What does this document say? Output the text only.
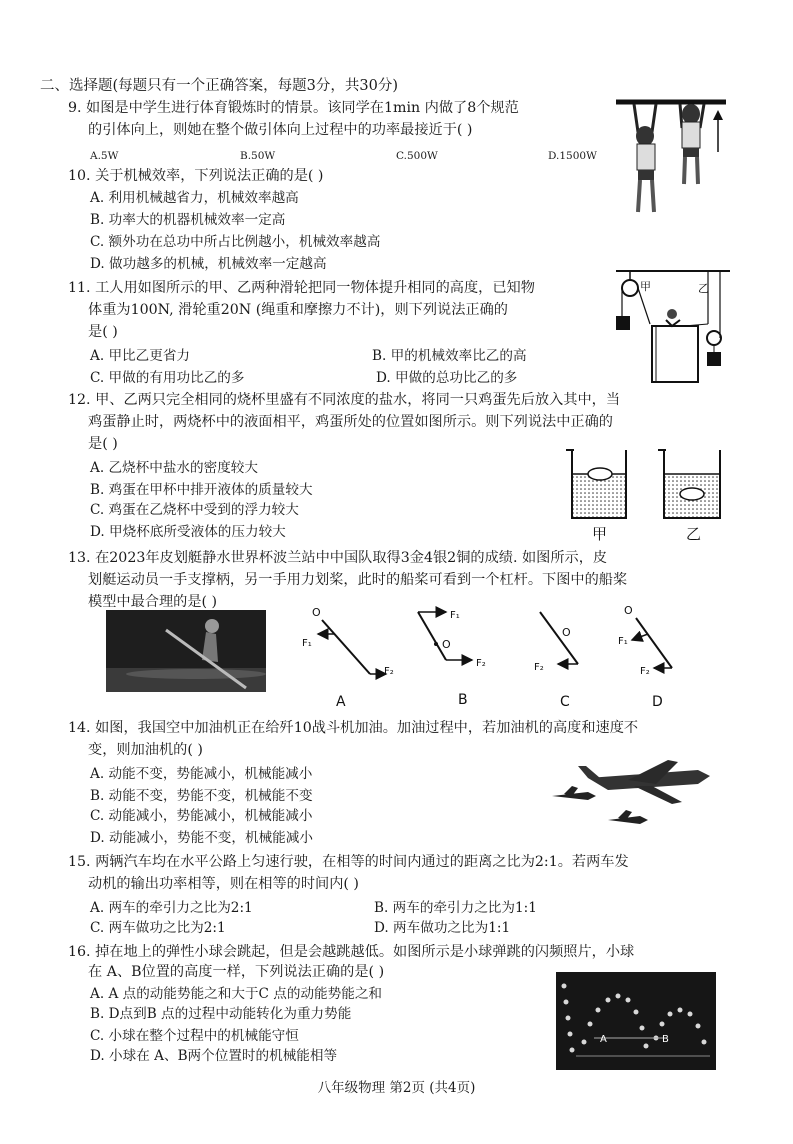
二、选择题(每题只有一个正确答案，每题3分，共30分)
9. 如图是中学生进行体育锻炼时的情景。该同学在1min 内做了8个规范
的引体向上，则她在整个做引体向上过程中的功率最接近于( )
A.5W	B.50W	C.500W	D.1500W
10. 关于机械效率，下列说法正确的是( )
A. 利用机械越省力，机械效率越高
B. 功率大的机器机械效率一定高
C. 额外功在总功中所占比例越小，机械效率越高
D. 做功越多的机械，机械效率一定越高
11. 工人用如图所示的甲、乙两种滑轮把同一物体提升相同的高度，已知物
体重为100N, 滑轮重20N (绳重和摩擦力不计)，则下列说法正确的
是( )
A. 甲比乙更省力	B. 甲的机械效率比乙的高
C. 甲做的有用功比乙的多	D. 甲做的总功比乙的多
甲	乙
12. 甲、乙两只完全相同的烧杯里盛有不同浓度的盐水，将同一只鸡蛋先后放入其中，当
鸡蛋静止时，两烧杯中的液面相平，鸡蛋所处的位置如图所示。则下列说法中正确的
是( )
A. 乙烧杯中盐水的密度较大
B. 鸡蛋在甲杯中排开液体的质量较大
C. 鸡蛋在乙烧杯中受到的浮力较大
D. 甲烧杯底所受液体的压力较大	甲	乙
13. 在2023年皮划艇静水世界杯波兰站中中国队取得3金4银2铜的成绩. 如图所示，皮
划艇运动员一手支撑柄，另一手用力划桨，此时的船桨可看到一个杠杆。下图中的船桨
模型中最合理的是( )
O
F₁
F₂
A
F₁
O
F₂
B
O
F₂
C
O
F₁
F₂
D
14. 如图，我国空中加油机正在给歼10战斗机加油。加油过程中，若加油机的高度和速度不
变，则加油机的( )
A. 动能不变，势能减小，机械能减小
B. 动能不变，势能不变，机械能不变
C. 动能减小，势能减小，机械能减小
D. 动能减小，势能不变，机械能减小
15. 两辆汽车均在水平公路上匀速行驶，在相等的时间内通过的距离之比为2:1。若两车发
动机的输出功率相等，则在相等的时间内( )
A. 两车的牵引力之比为2:1	B. 两车的牵引力之比为1:1
C. 两车做功之比为2:1	D. 两车做功之比为1:1
16. 掉在地上的弹性小球会跳起，但是会越跳越低。如图所示是小球弹跳的闪频照片，小球
在 A、B位置的高度一样，下列说法正确的是( )
A. A 点的动能势能之和大于C 点的动能势能之和
B. D点到B 点的过程中动能转化为重力势能
C. 小球在整个过程中的机械能守恒
D. 小球在 A、B两个位置时的机械能相等
A	B
八年级物理 第2页 (共4页)
